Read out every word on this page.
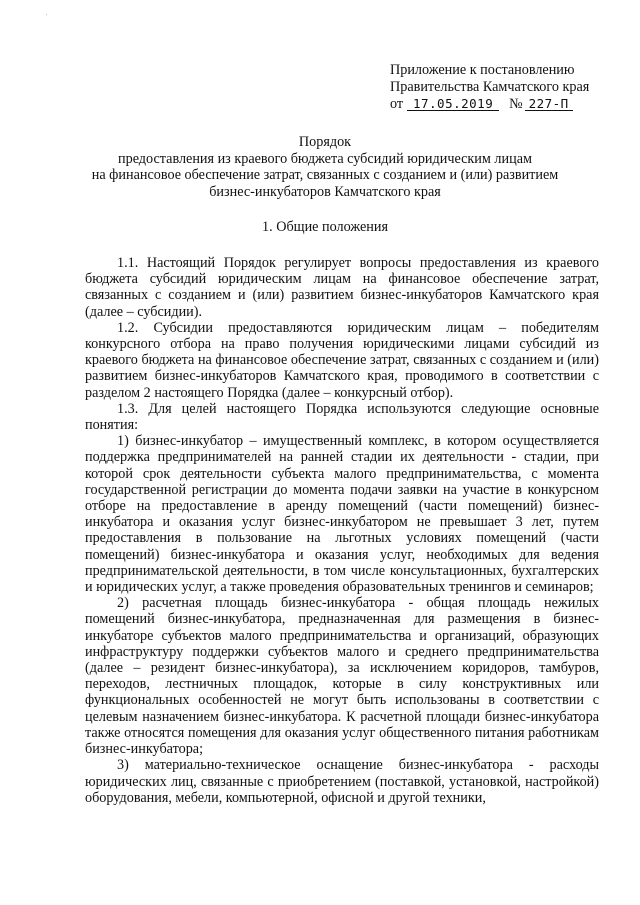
'
Приложение к постановлению
Правительства Камчатского края
от 17.05.2019 № 227-П
Порядок
предоставления из краевого бюджета субсидий юридическим лицам
на финансовое обеспечение затрат, связанных с созданием и (или) развитием
бизнес-инкубаторов Камчатского края
1. Общие положения

1.1. Настоящий Порядок регулирует вопросы предоставления из краевого бюджета субсидий юридическим лицам на финансовое обеспечение затрат, связанных с созданием и (или) развитием бизнес-инкубаторов Камчатского края (далее – субсидии).

1.2. Субсидии предоставляются юридическим лицам – победителям конкурсного отбора на право получения юридическими лицами субсидий из краевого бюджета на финансовое обеспечение затрат, связанных с созданием и (или) развитием бизнес-инкубаторов Камчатского края, проводимого в соответствии с разделом 2 настоящего Порядка (далее – конкурсный отбор).

1.3. Для целей настоящего Порядка используются следующие основные понятия:

1) бизнес-инкубатор – имущественный комплекс, в котором осуществляется поддержка предпринимателей на ранней стадии их деятельности - стадии, при которой срок деятельности субъекта малого предпринимательства, с момента государственной регистрации до момента подачи заявки на участие в конкурсном отборе на предоставление в аренду помещений (части помещений) бизнес-инкубатора и оказания услуг бизнес-инкубатором не превышает 3 лет, путем предоставления в пользование на льготных условиях помещений (части помещений) бизнес-инкубатора и оказания услуг, необходимых для ведения предпринимательской деятельности, в том числе консультационных, бухгалтерских и юридических услуг, а также проведения образовательных тренингов и семинаров;

2) расчетная площадь бизнес-инкубатора - общая площадь нежилых помещений бизнес-инкубатора, предназначенная для размещения в бизнес-инкубаторе субъектов малого предпринимательства и организаций, образующих инфраструктуру поддержки субъектов малого и среднего предпринимательства (далее – резидент бизнес-инкубатора), за исключением коридоров, тамбуров, переходов, лестничных площадок, которые в силу конструктивных или функциональных особенностей не могут быть использованы в соответствии с целевым назначением бизнес-инкубатора. К расчетной площади бизнес-инкубатора также относятся помещения для оказания услуг общественного питания работникам бизнес-инкубатора;

3) материально-техническое оснащение бизнес-инкубатора - расходы юридических лиц, связанные с приобретением (поставкой, установкой, настройкой) оборудования, мебели, компьютерной, офисной и другой техники,
